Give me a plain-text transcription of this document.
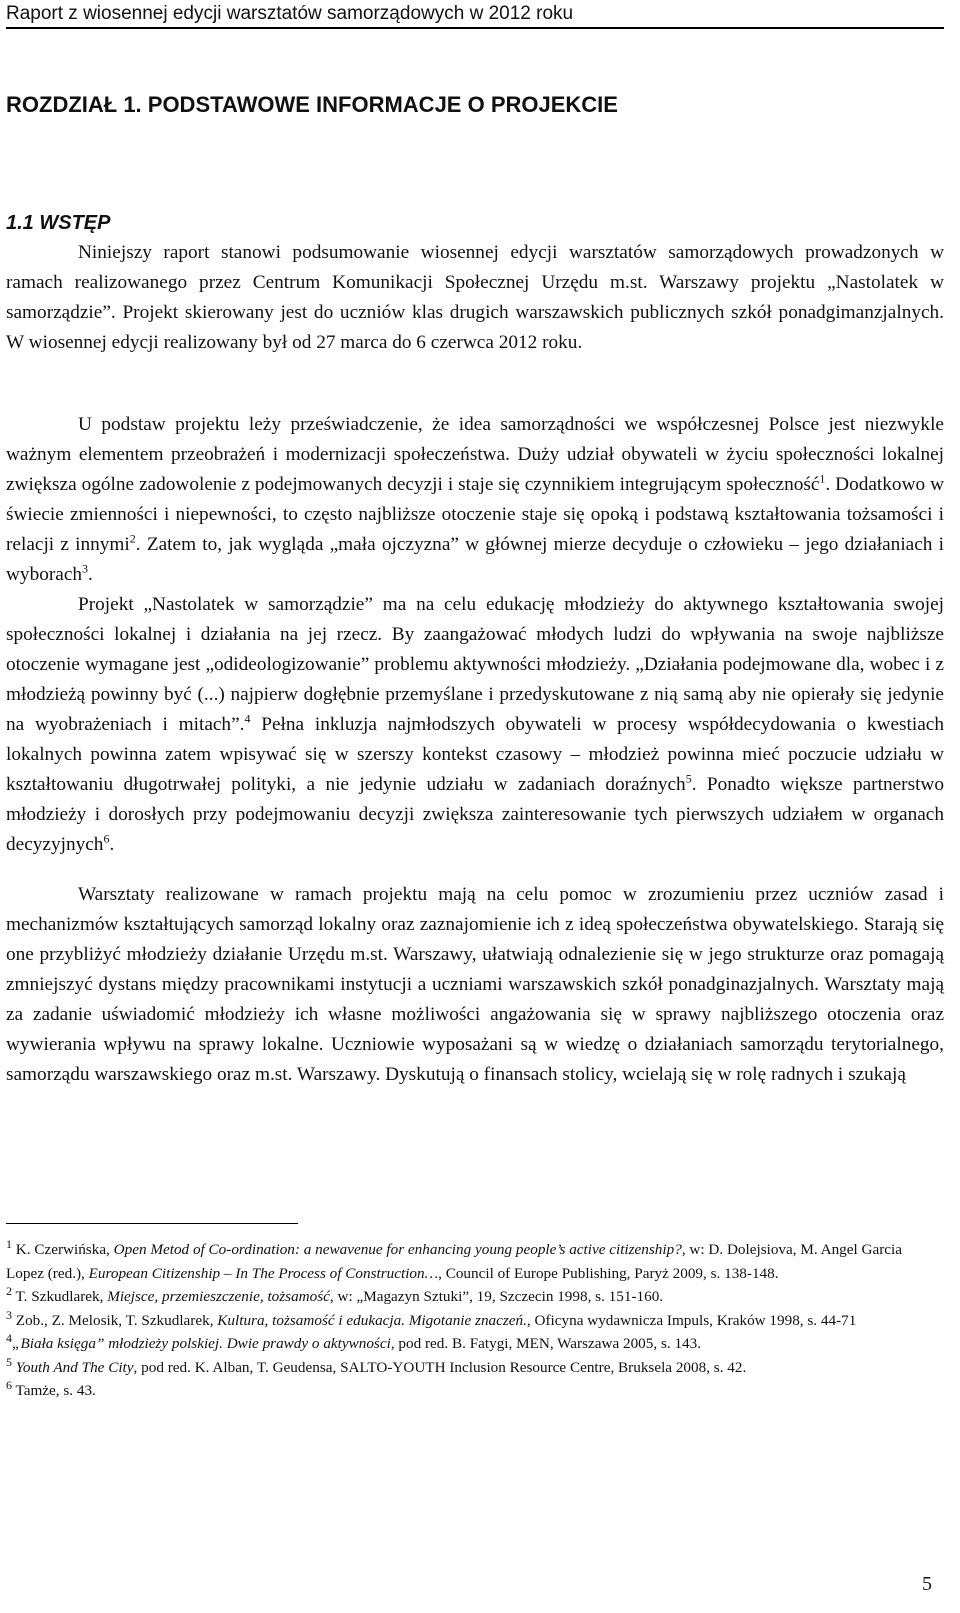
Raport z wiosennej edycji warsztatów samorządowych w 2012 roku
ROZDZIAŁ 1. PODSTAWOWE INFORMACJE O PROJEKCIE
1.1 WSTĘP

Niniejszy raport stanowi podsumowanie wiosennej edycji warsztatów samorządowych prowadzonych w ramach realizowanego przez Centrum Komunikacji Społecznej Urzędu m.st. Warszawy projektu „Nastolatek w samorządzie”. Projekt skierowany jest do uczniów klas drugich warszawskich publicznych szkół ponadgimanzjalnych. W wiosennej edycji realizowany był od 27 marca do 6 czerwca 2012 roku.

U podstaw projektu leży przeświadczenie, że idea samorządności we współczesnej Polsce jest niezwykle ważnym elementem przeobrażeń i modernizacji społeczeństwa. Duży udział obywateli w życiu społeczności lokalnej zwiększa ogólne zadowolenie z podejmowanych decyzji i staje się czynnikiem integrującym społeczność$^1$. Dodatkowo w świecie zmienności i niepewności, to często najbliższe otoczenie staje się opoką i podstawą kształtowania tożsamości i relacji z innymi$^2$. Zatem to, jak wygląda „mała ojczyzna” w głównej mierze decyduje o człowieku – jego działaniach i wyborach$^3$.

Projekt „Nastolatek w samorządzie” ma na celu edukację młodzieży do aktywnego kształtowania swojej społeczności lokalnej i działania na jej rzecz. By zaangażować młodych ludzi do wpływania na swoje najbliższe otoczenie wymagane jest „odideologizowanie” problemu aktywności młodzieży. „Działania podejmowane dla, wobec i z młodzieżą powinny być (...) najpierw dogłębnie przemyślane i przedyskutowane z nią samą aby nie opierały się jedynie na wyobrażeniach i mitach”.$^4$ Pełna inkluzja najmłodszych obywateli w procesy współdecydowania o kwestiach lokalnych powinna zatem wpisywać się w szerszy kontekst czasowy – młodzież powinna mieć poczucie udziału w kształtowaniu długotrwałej polityki, a nie jedynie udziału w zadaniach doraźnych$^5$. Ponadto większe partnerstwo młodzieży i dorosłych przy podejmowaniu decyzji zwiększa zainteresowanie tych pierwszych udziałem w organach decyzyjnych$^6$.

Warsztaty realizowane w ramach projektu mają na celu pomoc w zrozumieniu przez uczniów zasad i mechanizmów kształtujących samorząd lokalny oraz zaznajomienie ich z ideą społeczeństwa obywatelskiego. Starają się one przybliżyć młodzieży działanie Urzędu m.st. Warszawy, ułatwiają odnalezienie się w jego strukturze oraz pomagają zmniejszyć dystans między pracownikami instytucji a uczniami warszawskich szkół ponadginazjalnych. Warsztaty mają za zadanie uświadomić młodzieży ich własne możliwości angażowania się w sprawy najbliższego otoczenia oraz wywierania wpływu na sprawy lokalne. Uczniowie wyposażani są w wiedzę o działaniach samorządu terytorialnego, samorządu warszawskiego oraz m.st. Warszawy. Dyskutują o finansach stolicy, wcielają się w rolę radnych i szukają

$^1$ K. Czerwińska, Open Metod of Co-ordination: a newavenue for enhancing young people’s active citizenship?, w: D. Dolejsiova, M. Angel Garcia Lopez (red.), European Citizenship – In The Process of Construction…, Council of Europe Publishing, Paryż 2009, s. 138-148.

$^2$ T. Szkudlarek, Miejsce, przemieszczenie, tożsamość, w: „Magazyn Sztuki”, 19, Szczecin 1998, s. 151-160.

$^3$ Zob., Z. Melosik, T. Szkudlarek, Kultura, tożsamość i edukacja. Migotanie znaczeń., Oficyna wydawnicza Impuls, Kraków 1998, s. 44-71

$^4$„Biała księga” młodzieży polskiej. Dwie prawdy o aktywności, pod red. B. Fatygi, MEN, Warszawa 2005, s. 143.

$^5$ Youth And The City, pod red. K. Alban, T. Geudensa, SALTO-YOUTH Inclusion Resource Centre, Bruksela 2008, s. 42.

$^6$ Tamże, s. 43.

5
